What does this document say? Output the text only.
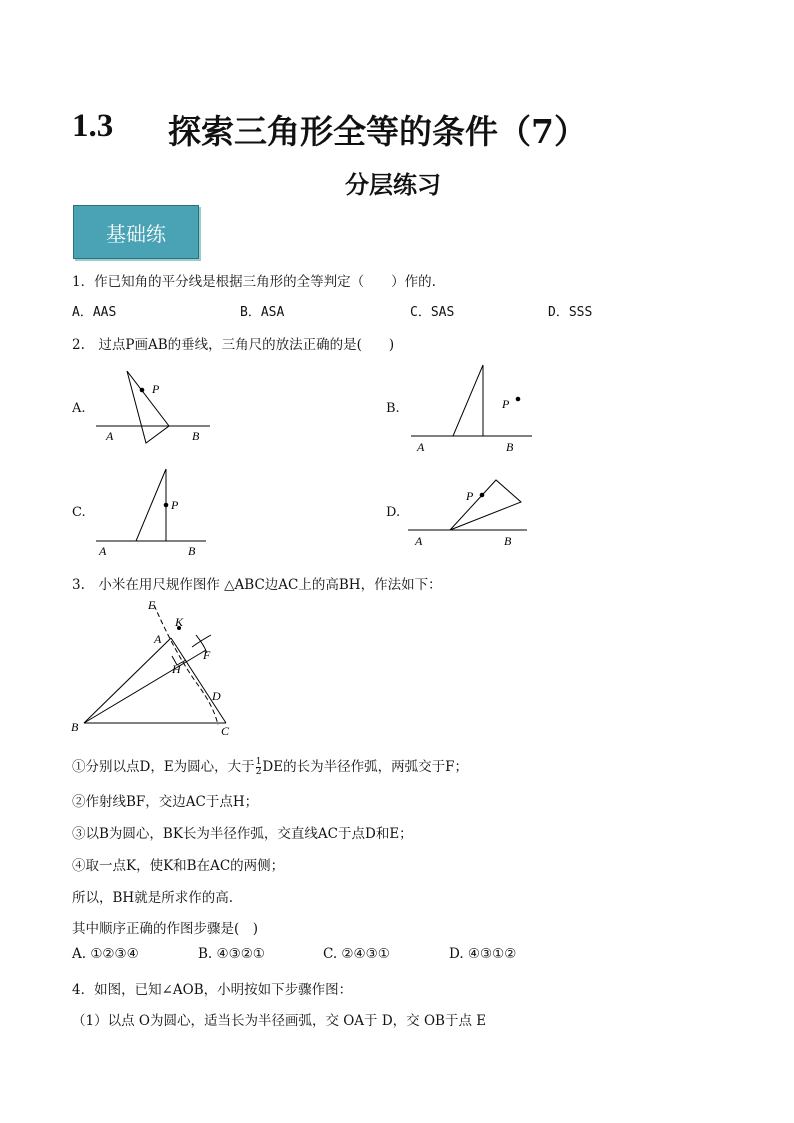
1.3 探索三角形全等的条件（7）
分层练习
基础练
1．作已知角的平分线是根据三角形的全等判定（　　）作的.
A．AAS	B．ASA	C．SAS	D．SSS
2.　过点P画AB的垂线，三角尺的放法正确的是(　　)
A.
P
A	B
B.	P
A	B
C.	P
A	B
D.
P
A	B
3.　小米在用尺规作图作 △ABC边AC上的高BH，作法如下：
E
K
A
F
H
D
B	C
①分别以点D，E为圆心，大于 $\frac{1}{2}$ DE的长为半径作弧，两弧交于F；
②作射线BF，交边AC于点H；
③以B为圆心，BK长为半径作弧，交直线AC于点D和E；
④取一点K，使K和B在AC的两侧；
所以，BH就是所求作的高.
其中顺序正确的作图步骤是(　)
A. ①②③④	B. ④③②①	C. ②④③①	D. ④③①②
4．如图，已知∠AOB，小明按如下步骤作图：
（1）以点 O为圆心，适当长为半径画弧，交 OA于 D，交 OB于点 E
